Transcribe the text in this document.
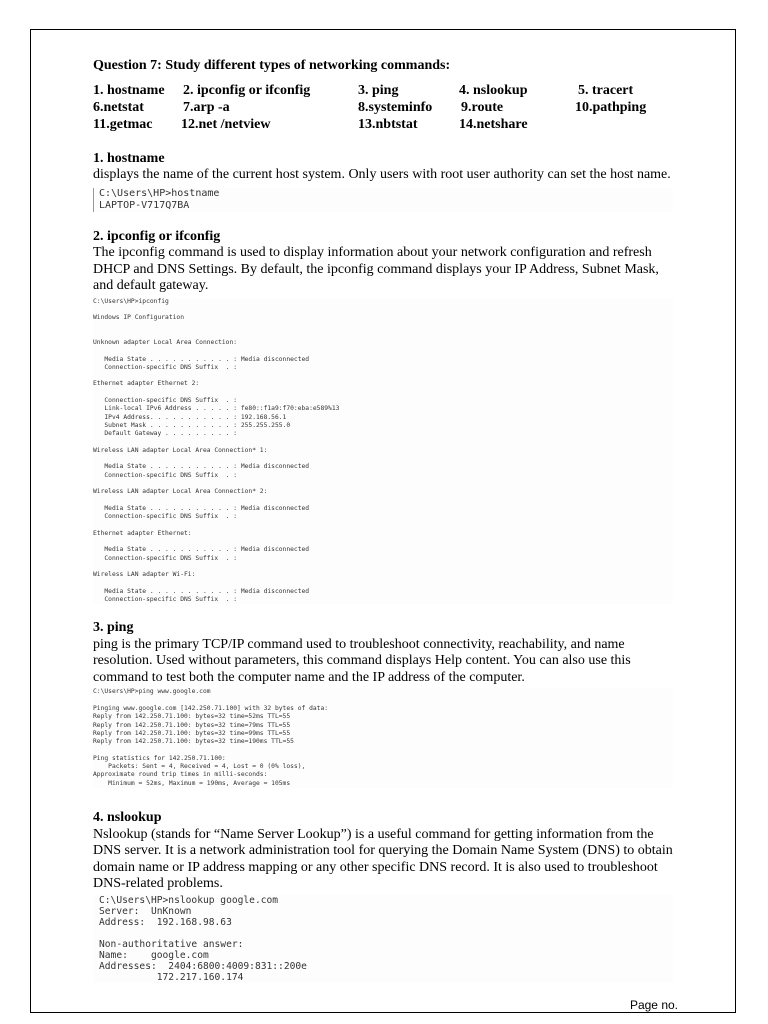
Question 7: Study different types of networking commands:

1. hostname 2. ipconfig or ifconfig	3. ping	4. nslookup	5. tracert
6.netstat	7.arp -a	8.systeminfo 9.route	10.pathping
11.getmac 12.net /netview	13.nbtstat	14.netshare

1. hostname

displays the name of the current host system. Only users with root user authority can set the host name.

C:\Users\HP>hostname
LAPTOP-V717Q7BA

2. ipconfig or ifconfig

The ipconfig command is used to display information about your network configuration and refresh DHCP and DNS Settings. By default, the ipconfig command displays your IP Address, Subnet Mask, and default gateway.

C:\Users\HP>ipconfig

Windows IP Configuration

Unknown adapter Local Area Connection:

Media State . . . . . . . . . . . : Media disconnected
Connection-specific DNS Suffix  . :

Ethernet adapter Ethernet 2:

Connection-specific DNS Suffix  . :
Link-local IPv6 Address . . . . . : fe80::f1a9:f70:eba:e589%13
IPv4 Address. . . . . . . . . . . : 192.168.56.1
Subnet Mask . . . . . . . . . . . : 255.255.255.0
Default Gateway . . . . . . . . . :

Wireless LAN adapter Local Area Connection* 1:

Media State . . . . . . . . . . . : Media disconnected
Connection-specific DNS Suffix  . :

Wireless LAN adapter Local Area Connection* 2:

Media State . . . . . . . . . . . : Media disconnected
Connection-specific DNS Suffix  . :

Ethernet adapter Ethernet:

Media State . . . . . . . . . . . : Media disconnected
Connection-specific DNS Suffix  . :

Wireless LAN adapter Wi-Fi:

Media State . . . . . . . . . . . : Media disconnected
Connection-specific DNS Suffix  . :

3. ping

ping is the primary TCP/IP command used to troubleshoot connectivity, reachability, and name resolution. Used without parameters, this command displays Help content. You can also use this command to test both the computer name and the IP address of the computer.

C:\Users\HP>ping www.google.com

Pinging www.google.com [142.250.71.100] with 32 bytes of data:
Reply from 142.250.71.100: bytes=32 time=52ms TTL=55
Reply from 142.250.71.100: bytes=32 time=79ms TTL=55
Reply from 142.250.71.100: bytes=32 time=99ms TTL=55
Reply from 142.250.71.100: bytes=32 time=190ms TTL=55

Ping statistics for 142.250.71.100:
Packets: Sent = 4, Received = 4, Lost = 0 (0% loss),
Approximate round trip times in milli-seconds:
Minimum = 52ms, Maximum = 190ms, Average = 105ms

4. nslookup

Nslookup (stands for “Name Server Lookup”) is a useful command for getting information from the DNS server. It is a network administration tool for querying the Domain Name System (DNS) to obtain domain name or IP address mapping or any other specific DNS record. It is also used to troubleshoot DNS-related problems.

C:\Users\HP>nslookup google.com
Server:  UnKnown
Address:  192.168.98.63

Non-authoritative answer:
Name:    google.com
Addresses:  2404:6800:4009:831::200e
172.217.160.174
Page no.
